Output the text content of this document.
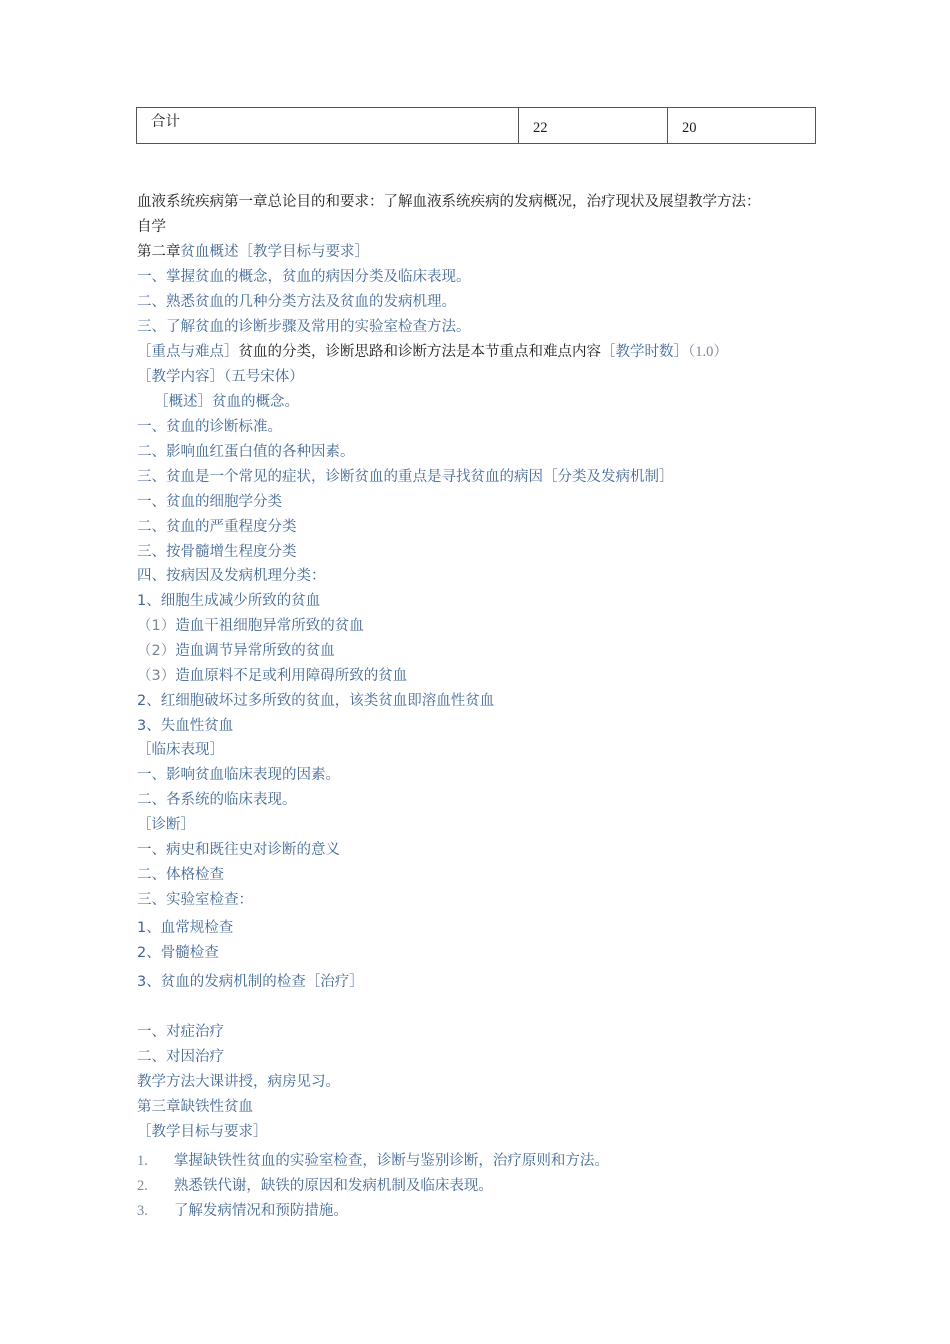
合计	22	20
血液系统疾病第一章总论目的和要求：了解血液系统疾病的发病概况，治疗现状及展望教学方法：
自学
第二章贫血概述［教学目标与要求］
一、掌握贫血的概念，贫血的病因分类及临床表现。
二、熟悉贫血的几种分类方法及贫血的发病机理。
三、了解贫血的诊断步骤及常用的实验室检查方法。
［重点与难点］贫血的分类，诊断思路和诊断方法是本节重点和难点内容［教学时数］（1.0）
［教学内容］（五号宋体）
［概述］贫血的概念。
一、贫血的诊断标准。
二、影响血红蛋白值的各种因素。
三、贫血是一个常见的症状，诊断贫血的重点是寻找贫血的病因［分类及发病机制］
一、贫血的细胞学分类
二、贫血的严重程度分类
三、按骨髓增生程度分类
四、按病因及发病机理分类：
1、细胞生成减少所致的贫血
（1）造血干祖细胞异常所致的贫血
（2）造血调节异常所致的贫血
（3）造血原料不足或利用障碍所致的贫血
2、红细胞破坏过多所致的贫血，该类贫血即溶血性贫血
3、失血性贫血
［临床表现］
一、影响贫血临床表现的因素。
二、各系统的临床表现。
［诊断］
一、病史和既往史对诊断的意义
二、体格检查
三、实验室检查：
1、血常规检查
2、骨髓检查
3、贫血的发病机制的检查［治疗］
一、对症治疗
二、对因治疗
教学方法大课讲授，病房见习。
第三章缺铁性贫血
［教学目标与要求］
1. 掌握缺铁性贫血的实验室检查，诊断与鉴别诊断，治疗原则和方法。
2. 熟悉铁代谢，缺铁的原因和发病机制及临床表现。
3. 了解发病情况和预防措施。
